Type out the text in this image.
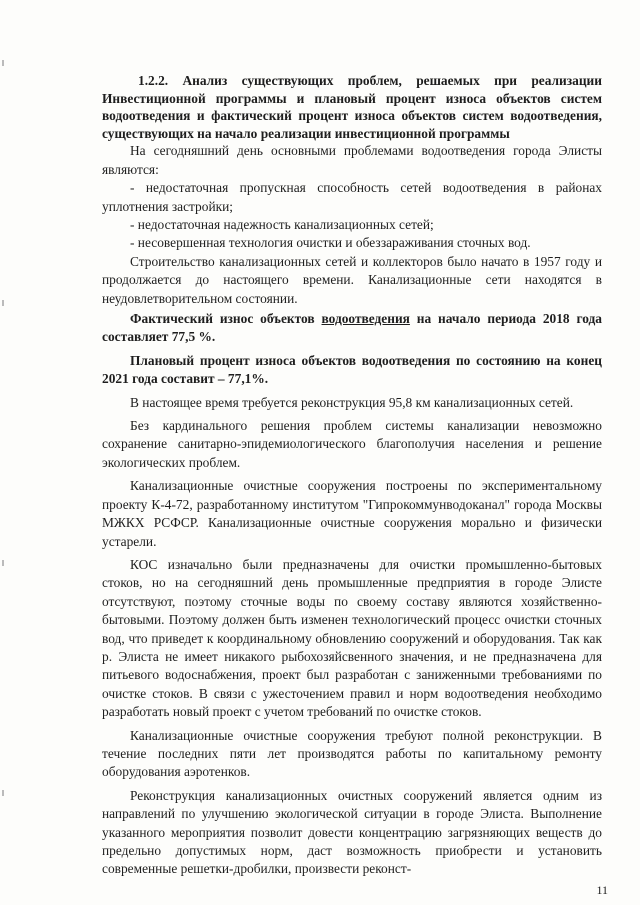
1.2.2. Анализ существующих проблем, решаемых при реализации Инвестиционной программы и плановый процент износа объектов систем водоотведения и фактический процент износа объектов систем водоотведения, существующих на начало реализации инвестиционной программы

На сегодняшний день основными проблемами водоотведения города Элисты являются:

- недостаточная пропускная способность сетей водоотведения в районах уплотнения застройки;

- недостаточная надежность канализационных сетей;

- несовершенная технология очистки и обеззараживания сточных вод.

Строительство канализационных сетей и коллекторов было начато в 1957 году и продолжается до настоящего времени. Канализационные сети находятся в неудовлетворительном состоянии.

Фактический износ объектов водоотведения на начало периода 2018 года составляет 77,5 %.

Плановый процент износа объектов водоотведения по состоянию на конец 2021 года составит – 77,1%.

В настоящее время требуется реконструкция 95,8 км канализационных сетей.

Без кардинального решения проблем системы канализации невозможно сохранение санитарно-эпидемиологического благополучия населения и решение экологических проблем.

Канализационные очистные сооружения построены по экспериментальному проекту К-4-72, разработанному институтом "Гипрокоммунводоканал" города Москвы МЖКХ РСФСР. Канализационные очистные сооружения морально и физически устарели.

КОС изначально были предназначены для очистки промышленно-бытовых стоков, но на сегодняшний день промышленные предприятия в городе Элисте отсутствуют, поэтому сточные воды по своему составу являются хозяйственно-бытовыми. Поэтому должен быть изменен технологический процесс очистки сточных вод, что приведет к координальному обновлению сооружений и оборудования. Так как р. Элиста не имеет никакого рыбохозяйсвенного значения, и не предназначена для питьевого водоснабжения, проект был разработан с заниженными требованиями по очистке стоков. В связи с ужесточением правил и норм водоотведения необходимо разработать новый проект с учетом требований по очистке стоков.

Канализационные очистные сооружения требуют полной реконструкции. В течение последних пяти лет производятся работы по капитальному ремонту оборудования аэротенков.

Реконструкция канализационных очистных сооружений является одним из направлений по улучшению экологической ситуации в городе Элиста. Выполнение указанного мероприятия позволит довести концентрацию загрязняющих веществ до предельно допустимых норм, даст возможность приобрести и установить современные решетки-дробилки, произвести реконст-

11
